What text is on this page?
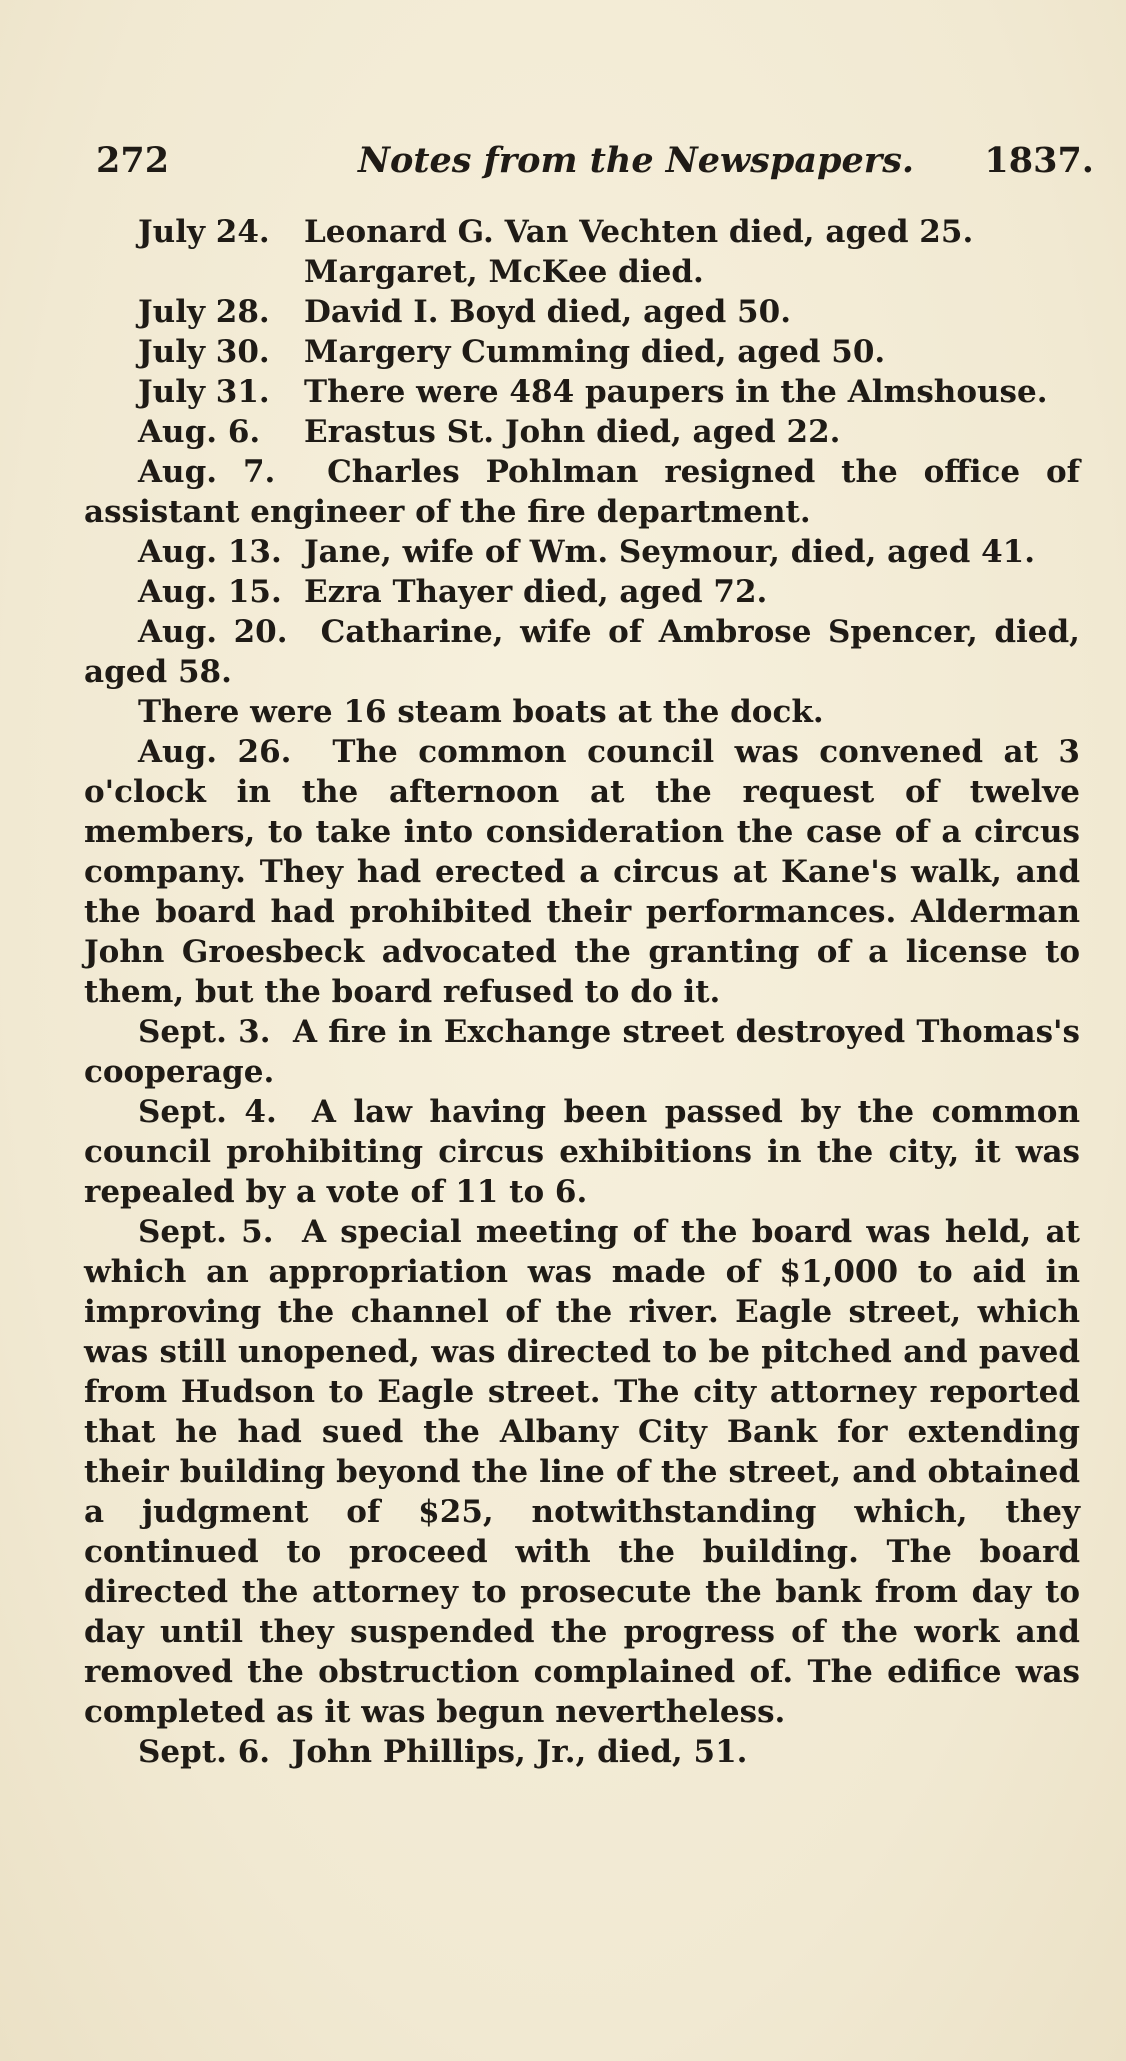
272	Notes from the Newspapers. 1837.
July 24. Leonard G. Van Vechten died, aged 25.
Margaret, McKee died.
July 28. David I. Boyd died, aged 50.
July 30. Margery Cumming died, aged 50.
July 31. There were 484 paupers in the Almshouse.
Aug. 6. Erastus St. John died, aged 22.
Aug. 7. Charles Pohlman resigned the office of assistant engineer of the fire department.
Aug. 13. Jane, wife of Wm. Seymour, died, aged 41.
Aug. 15. Ezra Thayer died, aged 72.
Aug. 20. Catharine, wife of Ambrose Spencer, died, aged 58.
There were 16 steam boats at the dock.
Aug. 26. The common council was convened at 3 o'clock in the afternoon at the request of twelve members, to take into consideration the case of a circus company. They had erected a circus at Kane's walk, and the board had prohibited their performances. Alderman John Groesbeck advocated the granting of a license to them, but the board refused to do it.
Sept. 3. A fire in Exchange street destroyed Thomas's cooperage.
Sept. 4. A law having been passed by the common council prohibiting circus exhibitions in the city, it was repealed by a vote of 11 to 6.
Sept. 5. A special meeting of the board was held, at which an appropriation was made of $1,000 to aid in improving the channel of the river. Eagle street, which was still unopened, was directed to be pitched and paved from Hudson to Eagle street. The city attorney reported that he had sued the Albany City Bank for extending their building beyond the line of the street, and obtained a judgment of $25, notwithstanding which, they continued to proceed with the building. The board directed the attorney to prosecute the bank from day to day until they suspended the progress of the work and removed the obstruction complained of. The edifice was completed as it was begun nevertheless.
Sept. 6. John Phillips, Jr., died, 51.
